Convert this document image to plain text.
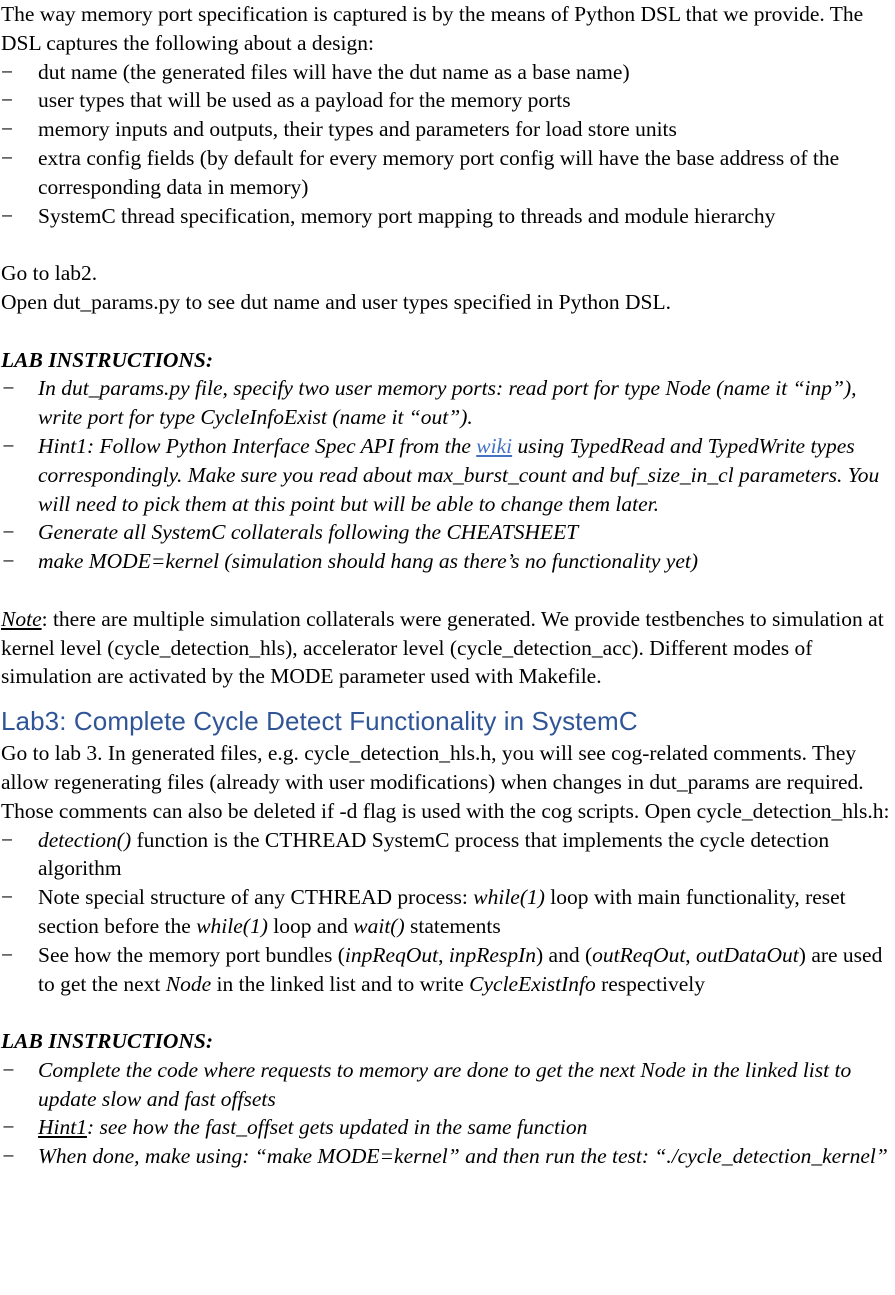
The way memory port specification is captured is by the means of Python DSL that we provide. The DSL captures the following about a design:

− dut name (the generated files will have the dut name as a base name)
− user types that will be used as a payload for the memory ports
− memory inputs and outputs, their types and parameters for load store units
− extra config fields (by default for every memory port config will have the base address of the corresponding data in memory)
− SystemC thread specification, memory port mapping to threads and module hierarchy

Go to lab2.

Open dut_params.py to see dut name and user types specified in Python DSL.

LAB INSTRUCTIONS:

− In dut_params.py file, specify two user memory ports: read port for type Node (name it “inp”), write port for type CycleInfoExist (name it “out”).
− Hint1: Follow Python Interface Spec API from the wiki using TypedRead and TypedWrite types correspondingly. Make sure you read about max_burst_count and buf_size_in_cl parameters. You will need to pick them at this point but will be able to change them later.
− Generate all SystemC collaterals following the CHEATSHEET
− make MODE=kernel (simulation should hang as there’s no functionality yet)

Note: there are multiple simulation collaterals were generated. We provide testbenches to simulation at kernel level (cycle_detection_hls), accelerator level (cycle_detection_acc). Different modes of simulation are activated by the MODE parameter used with Makefile.

Lab3: Complete Cycle Detect Functionality in SystemC

Go to lab 3. In generated files, e.g. cycle_detection_hls.h, you will see cog-related comments. They allow regenerating files (already with user modifications) when changes in dut_params are required. Those comments can also be deleted if -d flag is used with the cog scripts. Open cycle_detection_hls.h:

− detection() function is the CTHREAD SystemC process that implements the cycle detection algorithm
− Note special structure of any CTHREAD process: while(1) loop with main functionality, reset section before the while(1) loop and wait() statements
− See how the memory port bundles (inpReqOut, inpRespIn) and (outReqOut, outDataOut) are used to get the next Node in the linked list and to write CycleExistInfo respectively

LAB INSTRUCTIONS:

− Complete the code where requests to memory are done to get the next Node in the linked list to update slow and fast offsets
− Hint1: see how the fast_offset gets updated in the same function
− When done, make using: “make MODE=kernel” and then run the test: “./cycle_detection_kernel”
